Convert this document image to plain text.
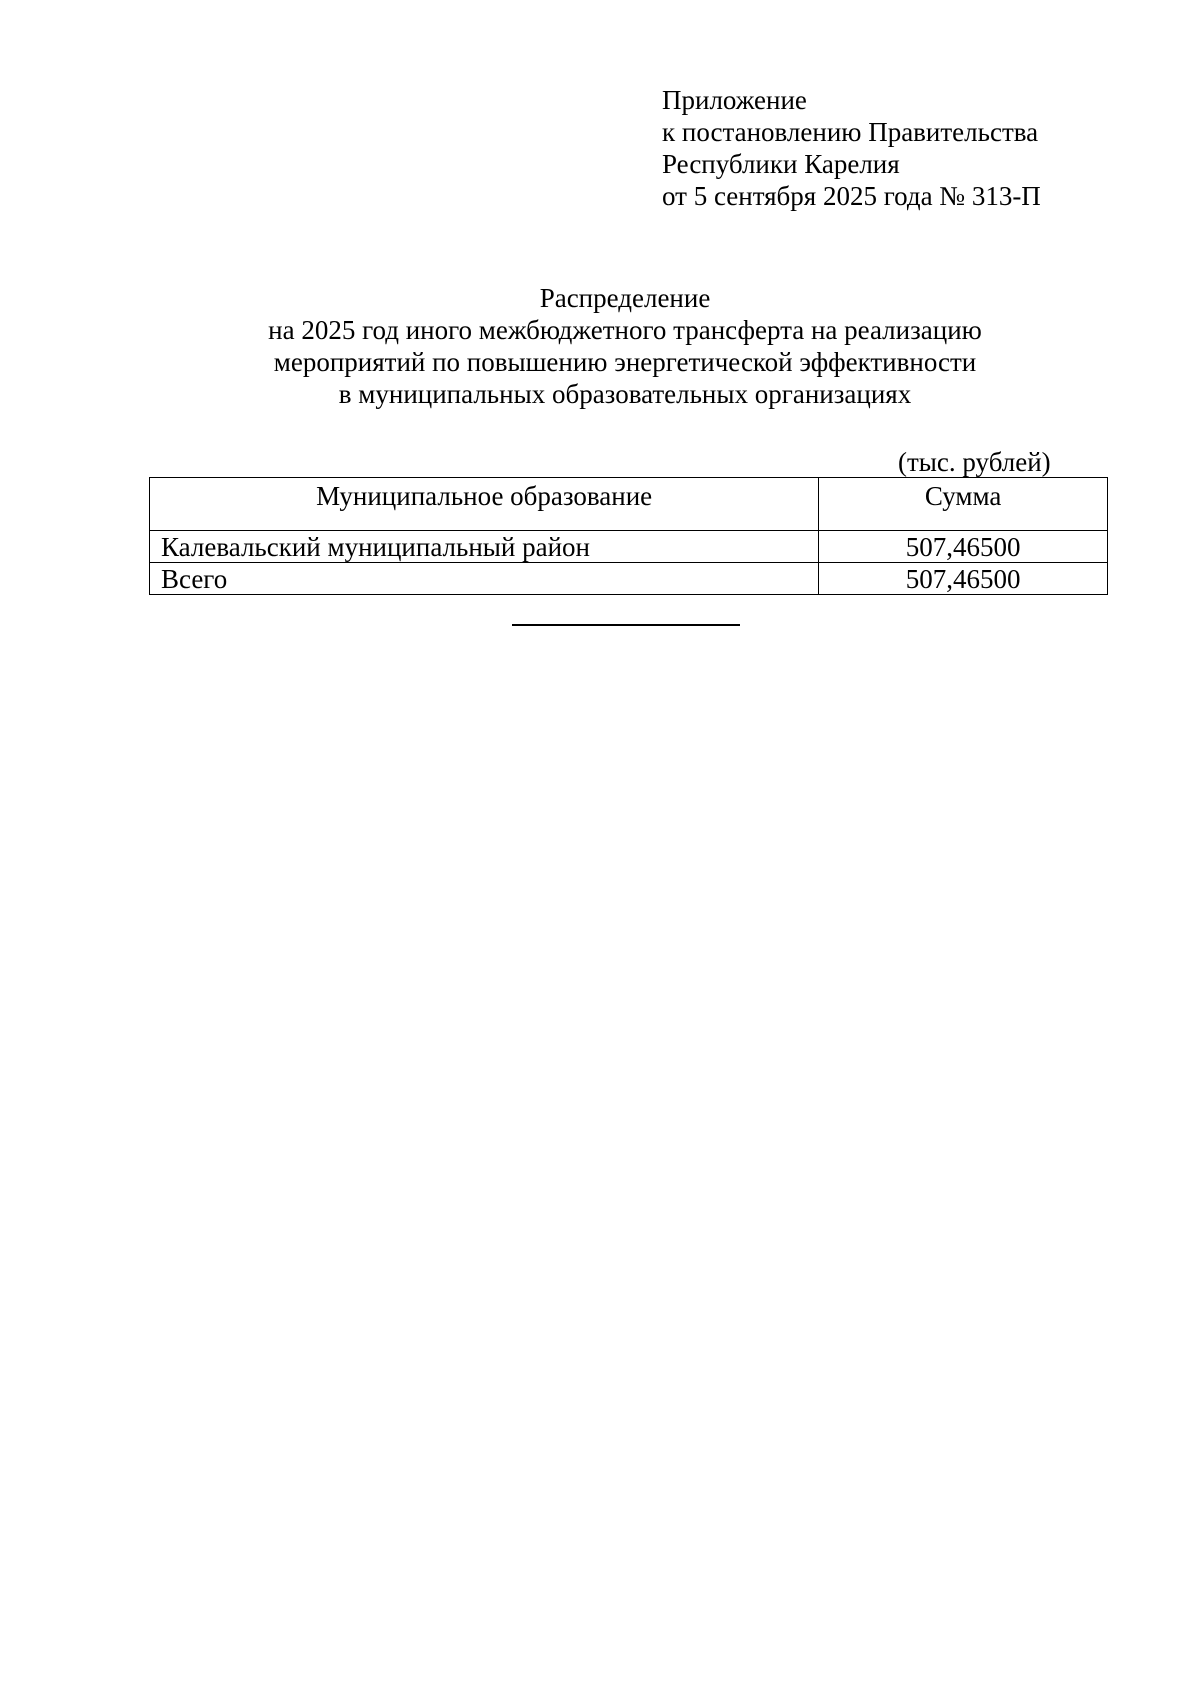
Приложение
к постановлению Правительства
Республики Карелия
от 5 сентября 2025 года № 313-П
Распределение
на 2025 год иного межбюджетного трансферта на реализацию
мероприятий по повышению энергетической эффективности
в муниципальных образовательных организациях
(тыс. рублей)
Муниципальное образование	Сумма
Калевальский муниципальный район	507,46500
Всего	507,46500
